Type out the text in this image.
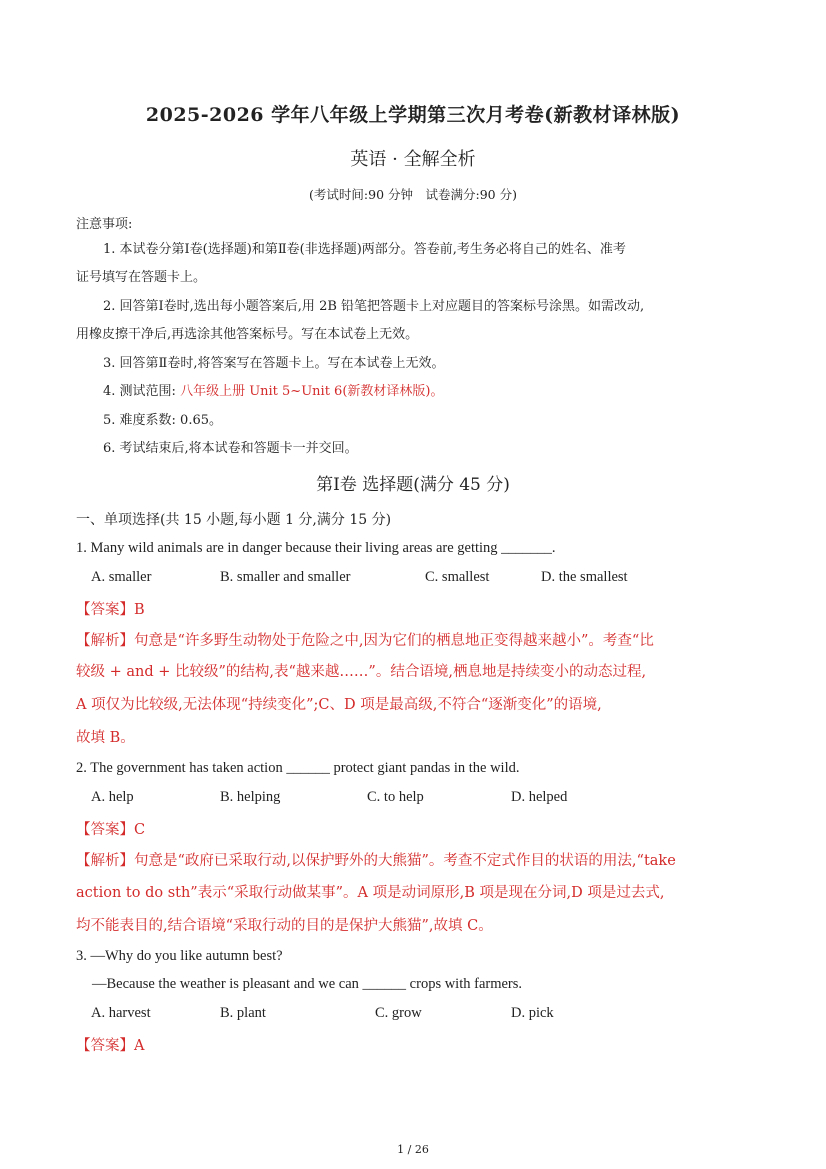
2025-2026 学年八年级上学期第三次月考卷(新教材译林版)
英语 · 全解全析
(考试时间:90 分钟　试卷满分:90 分)
注意事项:
1. 本试卷分第Ⅰ卷(选择题)和第Ⅱ卷(非选择题)两部分。答卷前,考生务必将自己的姓名、准考
证号填写在答题卡上。
2. 回答第Ⅰ卷时,选出每小题答案后,用 2B 铅笔把答题卡上对应题目的答案标号涂黑。如需改动,
用橡皮擦干净后,再选涂其他答案标号。写在本试卷上无效。
3. 回答第Ⅱ卷时,将答案写在答题卡上。写在本试卷上无效。
4. 测试范围: 八年级上册 Unit 5~Unit 6(新教材译林版)。
5. 难度系数: 0.65。
6. 考试结束后,将本试卷和答题卡一并交回。
第Ⅰ卷 选择题(满分 45 分)
一、单项选择(共 15 小题,每小题 1 分,满分 15 分)
1. Many wild animals are in danger because their living areas are getting _______.
A. smaller	B. smaller and smaller	C. smallest	D. the smallest
【答案】B
【解析】句意是“许多野生动物处于危险之中,因为它们的栖息地正变得越来越小”。考查“比
较级 + and + 比较级”的结构,表“越来越……”。结合语境,栖息地是持续变小的动态过程,
A 项仅为比较级,无法体现“持续变化”;C、D 项是最高级,不符合“逐渐变化”的语境,
故填 B。
2. The government has taken action ______ protect giant pandas in the wild.
A. help	B. helping	C. to help	D. helped
【答案】C
【解析】句意是“政府已采取行动,以保护野外的大熊猫”。考查不定式作目的状语的用法,“take
action to do sth”表示“采取行动做某事”。A 项是动词原形,B 项是现在分词,D 项是过去式,
均不能表目的,结合语境“采取行动的目的是保护大熊猫”,故填 C。
3. —Why do you like autumn best?
—Because the weather is pleasant and we can ______ crops with farmers.
A. harvest	B. plant	C. grow	D. pick
【答案】A
1 / 26
